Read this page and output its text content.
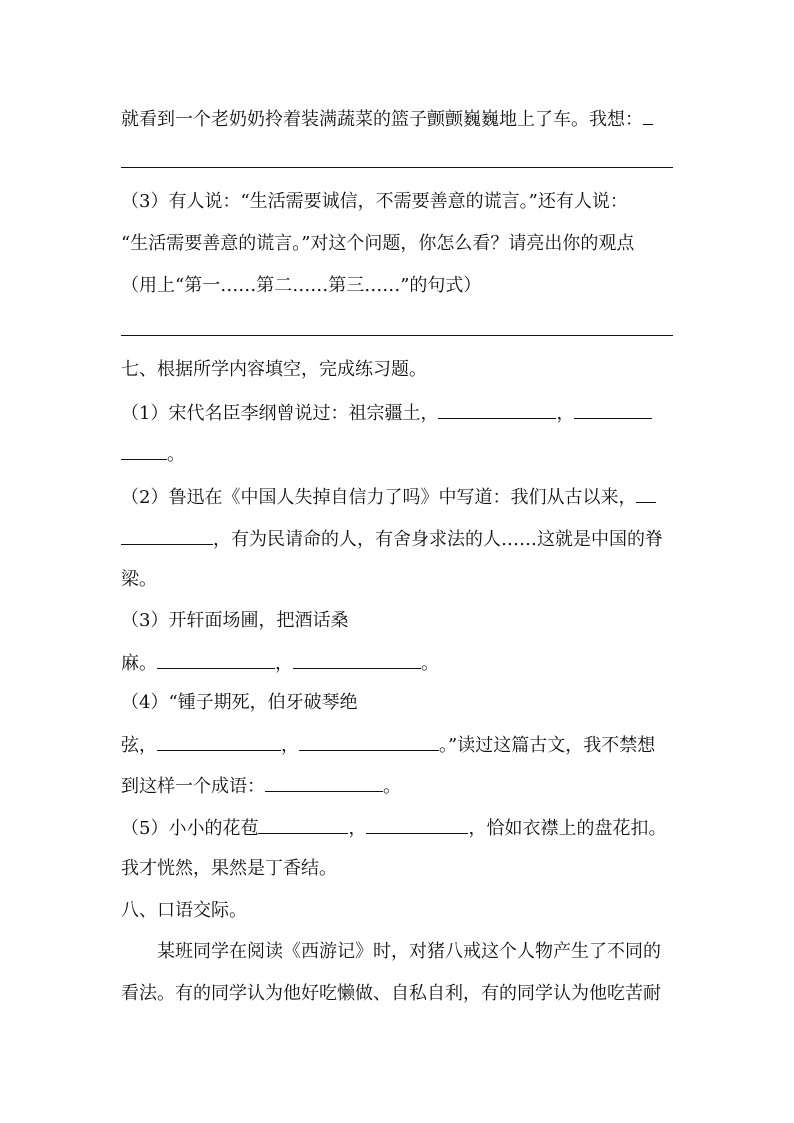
就看到一个老奶奶拎着装满蔬菜的篮子颤颤巍巍地上了车。我想：
（3）有人说：“生活需要诚信，不需要善意的谎言。”还有人说：
“生活需要善意的谎言。”对这个问题，你怎么看？请亮出你的观点
（用上“第一……第二……第三……”的句式）
七、根据所学内容填空，完成练习题。
（1）宋代名臣李纲曾说过：祖宗疆土，	，
。
（2）鲁迅在《中国人失掉自信力了吗》中写道：我们从古以来，
，有为民请命的人，有舍身求法的人……这就是中国的脊
梁。
（3）开轩面场圃，把酒话桑
麻。	，	。
（4）“锺子期死，伯牙破琴绝
弦，	，	。”读过这篇古文，我不禁想
到这样一个成语：	。
（5）小小的花苞	，	，恰如衣襟上的盘花扣。
我才恍然，果然是丁香结。
八、口语交际。
某班同学在阅读《西游记》时，对猪八戒这个人物产生了不同的
看法。有的同学认为他好吃懒做、自私自利，有的同学认为他吃苦耐
